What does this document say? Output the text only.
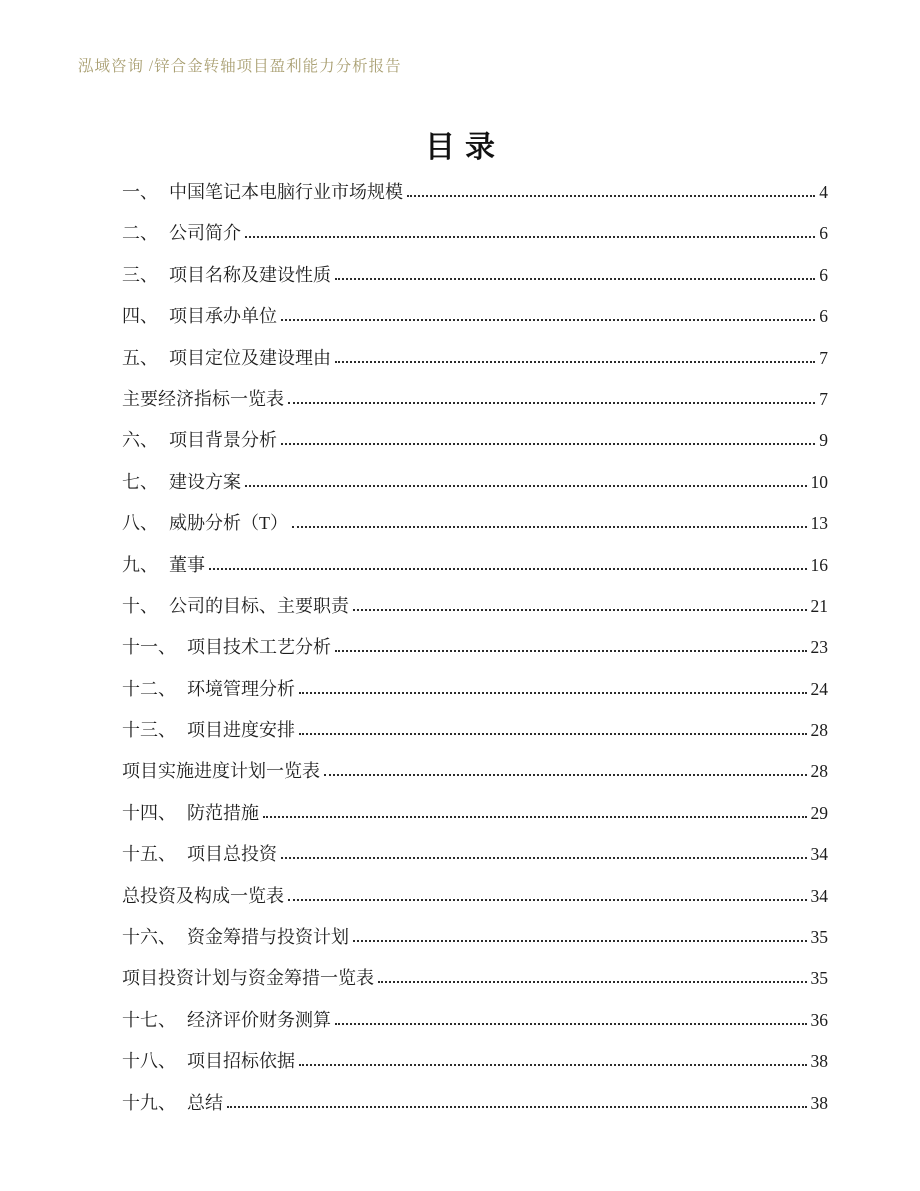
泓域咨询 /锌合金转轴项目盈利能力分析报告
目录
一、 中国笔记本电脑行业市场规模	4
二、 公司简介	6
三、 项目名称及建设性质	6
四、 项目承办单位	6
五、 项目定位及建设理由	7
主要经济指标一览表	7
六、 项目背景分析	9
七、 建设方案	10
八、 威胁分析（T）	13
九、 董事	16
十、 公司的目标、主要职责	21
十一、 项目技术工艺分析	23
十二、 环境管理分析	24
十三、 项目进度安排	28
项目实施进度计划一览表	28
十四、 防范措施	29
十五、 项目总投资	34
总投资及构成一览表	34
十六、 资金筹措与投资计划	35
项目投资计划与资金筹措一览表	35
十七、 经济评价财务测算	36
十八、 项目招标依据	38
十九、 总结	38
